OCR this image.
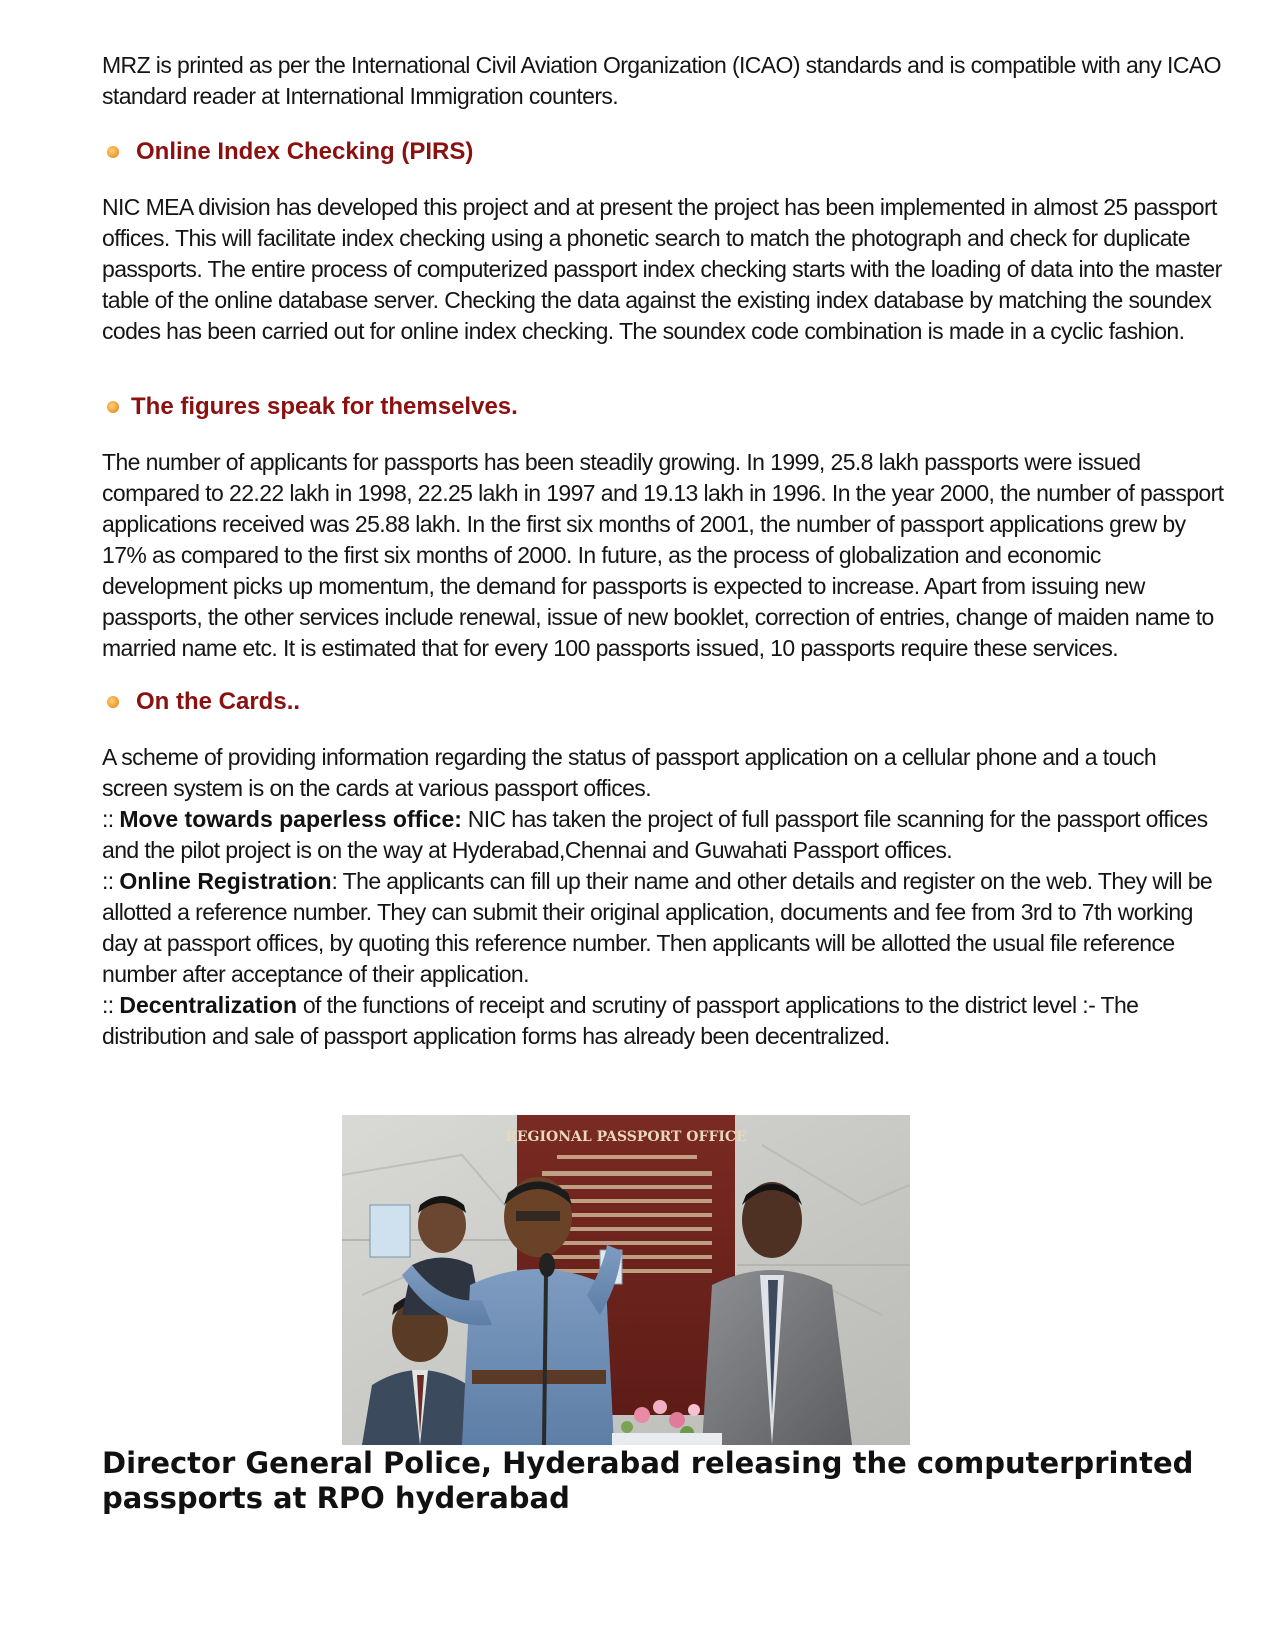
MRZ is printed as per the International Civil Aviation Organization (ICAO) standards and is compatible with any ICAO standard reader at International Immigration counters.

Online Index Checking (PIRS)

NIC MEA division has developed this project and at present the project has been implemented in almost 25 passport offices. This will facilitate index checking using a phonetic search to match the photograph and check for duplicate passports. The entire process of computerized passport index checking starts with the loading of data into the master table of the online database server. Checking the data against the existing index database by matching the soundex codes has been carried out for online index checking. The soundex code combination is made in a cyclic fashion.

The figures speak for themselves.

The number of applicants for passports has been steadily growing. In 1999, 25.8 lakh passports were issued compared to 22.22 lakh in 1998, 22.25 lakh in 1997 and 19.13 lakh in 1996. In the year 2000, the number of passport applications received was 25.88 lakh. In the first six months of 2001, the number of passport applications grew by 17% as compared to the first six months of 2000. In future, as the process of globalization and economic development picks up momentum, the demand for passports is expected to increase. Apart from issuing new passports, the other services include renewal, issue of new booklet, correction of entries, change of maiden name to married name etc. It is estimated that for every 100 passports issued, 10 passports require these services.

On the Cards..

A scheme of providing information regarding the status of passport application on a cellular phone and a touch screen system is on the cards at various passport offices.

:: Move towards paperless office: NIC has taken the project of full passport file scanning for the passport offices and the pilot project is on the way at Hyderabad,Chennai and Guwahati Passport offices.

:: Online Registration: The applicants can fill up their name and other details and register on the web. They will be allotted a reference number. They can submit their original application, documents and fee from 3rd to 7th working day at passport offices, by quoting this reference number. Then applicants will be allotted the usual file reference number after acceptance of their application.

:: Decentralization of the functions of receipt and scrutiny of passport applications to the district level :- The distribution and sale of passport application forms has already been decentralized.

REGIONAL PASSPORT OFFICE

Director General Police, Hyderabad releasing the computerprinted passports at RPO hyderabad
